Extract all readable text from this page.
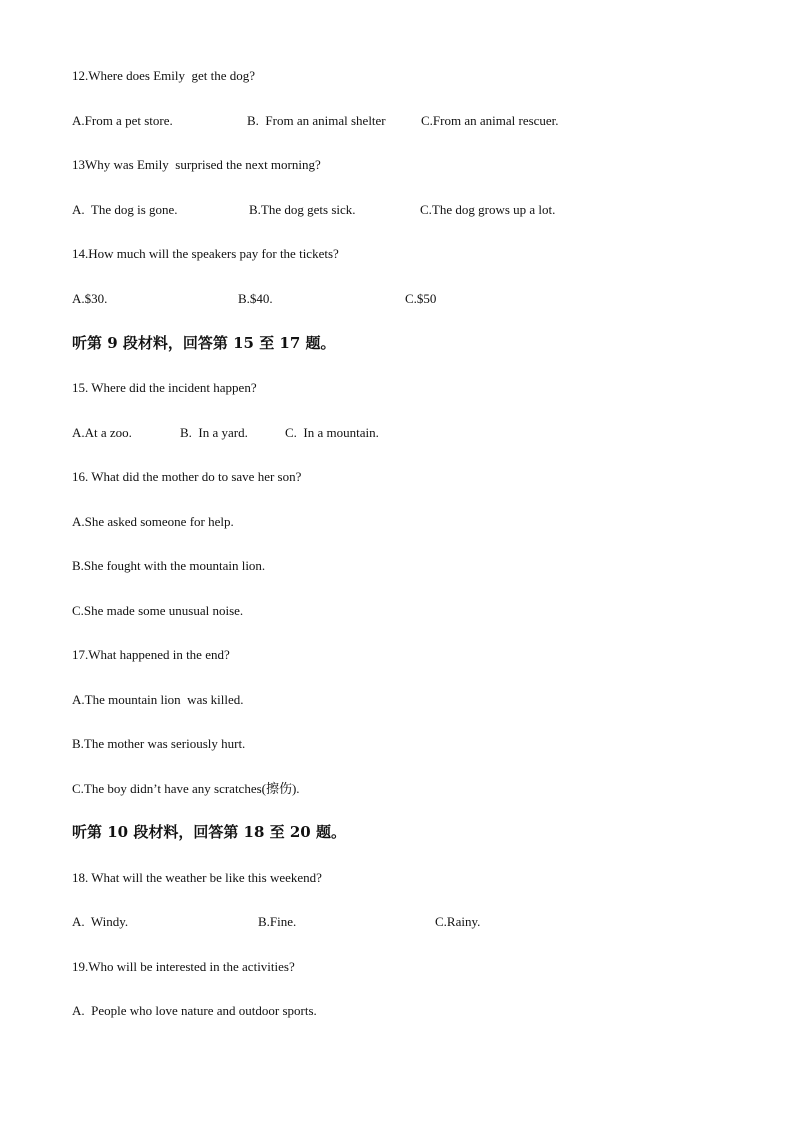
12.Where does Emily  get the dog?
A.From a pet store.	B.  From an animal shelter	C.From an animal rescuer.
13Why was Emily  surprised the next morning?
A.  The dog is gone.	B.The dog gets sick.	C.The dog grows up a lot.
14.How much will the speakers pay for the tickets?
A.$30.	B.$40.	C.$50
听第 9 段材料，回答第 15 至 17 题。
15. Where did the incident happen?
A.At a zoo.	B.  In a yard.	C.  In a mountain.
16. What did the mother do to save her son?
A.She asked someone for help.
B.She fought with the mountain lion.
C.She made some unusual noise.
17.What happened in the end?
A.The mountain lion  was killed.
B.The mother was seriously hurt.
C.The boy didn’t have any scratches(擦伤).
听第 10 段材料，回答第 18 至 20 题。
18. What will the weather be like this weekend?
A.  Windy.	B.Fine.	C.Rainy.
19.Who will be interested in the activities?
A.  People who love nature and outdoor sports.
